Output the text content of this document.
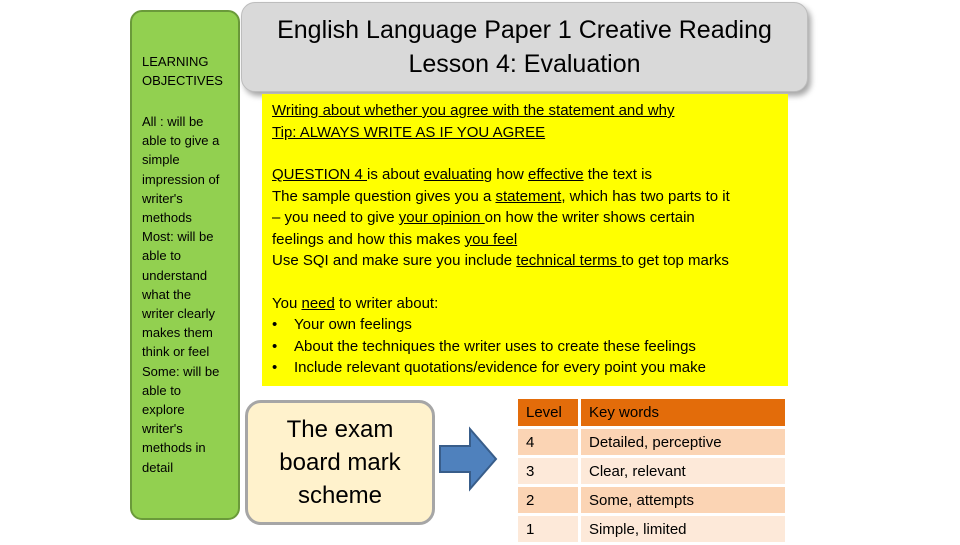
LEARNING
OBJECTIVES

All : will be

able to give a

simple

impression of

writer's

methods

Most: will be

able to

understand

what the

writer clearly

makes them

think or feel

Some: will be

able to

explore

writer's

methods in

detail

English Language Paper 1 Creative Reading
Lesson 4: Evaluation

Writing about whether you agree with the statement and why

Tip: ALWAYS WRITE AS IF YOU AGREE

QUESTION 4 is about evaluating how effective the text is

The sample question gives you a statement, which has two parts to it

– you need to give your opinion on how the writer shows certain

feelings and how this makes you feel

Use SQI and make sure you include technical terms to get top marks

You need to writer about:

• Your own feelings
• About the techniques the writer uses to create these feelings
• Include relevant quotations/evidence for every point you make
The exam
board mark
scheme
Level	Key words
4	Detailed, perceptive
3	Clear, relevant
2	Some, attempts
1	Simple, limited
